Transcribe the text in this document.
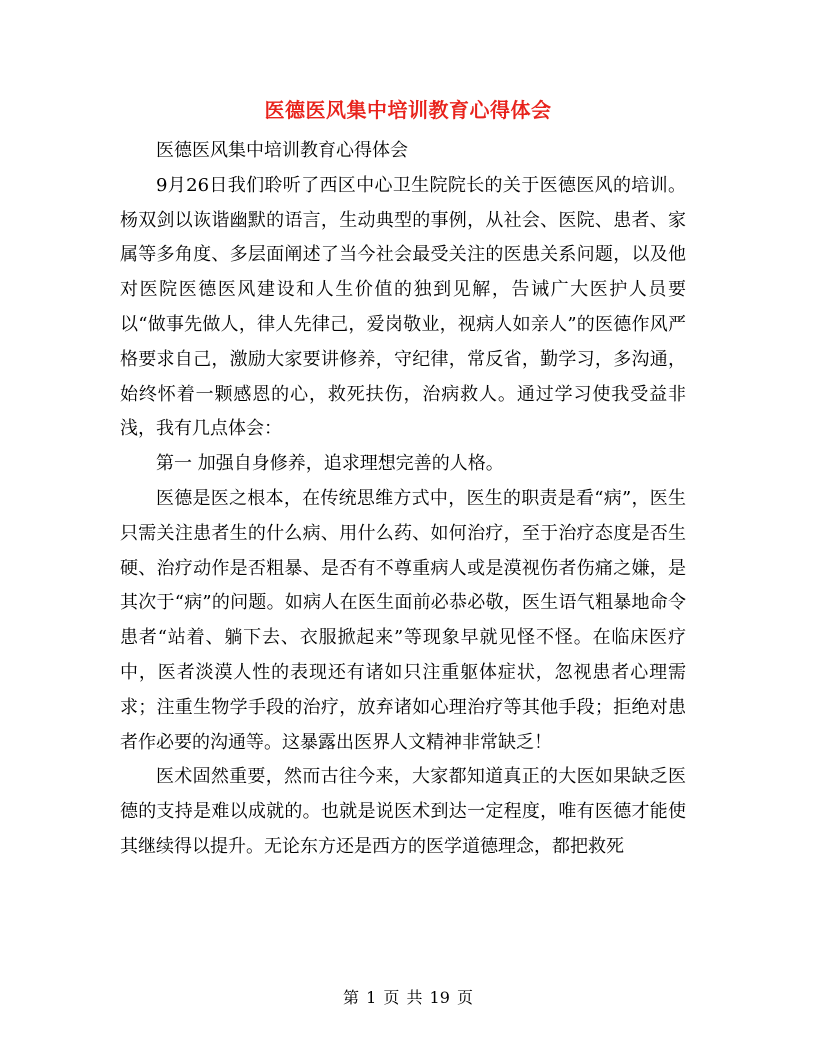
医德医风集中培训教育心得体会

医德医风集中培训教育心得体会

9月26日我们聆听了西区中心卫生院院长的关于医德医风的培训。杨双剑以诙谐幽默的语言，生动典型的事例，从社会、医院、患者、家属等多角度、多层面阐述了当今社会最受关注的医患关系问题，以及他对医院医德医风建设和人生价值的独到见解，告诫广大医护人员要以“做事先做人，律人先律己，爱岗敬业，视病人如亲人”的医德作风严格要求自己，激励大家要讲修养，守纪律，常反省，勤学习，多沟通，始终怀着一颗感恩的心，救死扶伤，治病救人。通过学习使我受益非浅，我有几点体会：

第一 加强自身修养，追求理想完善的人格。

医德是医之根本，在传统思维方式中，医生的职责是看“病”，医生只需关注患者生的什么病、用什么药、如何治疗，至于治疗态度是否生硬、治疗动作是否粗暴、是否有不尊重病人或是漠视伤者伤痛之嫌，是其次于“病”的问题。如病人在医生面前必恭必敬，医生语气粗暴地命令患者“站着、躺下去、衣服掀起来”等现象早就见怪不怪。在临床医疗中，医者淡漠人性的表现还有诸如只注重躯体症状，忽视患者心理需求；注重生物学手段的治疗，放弃诸如心理治疗等其他手段；拒绝对患者作必要的沟通等。这暴露出医界人文精神非常缺乏！

医术固然重要，然而古往今来，大家都知道真正的大医如果缺乏医德的支持是难以成就的。也就是说医术到达一定程度，唯有医德才能使其继续得以提升。无论东方还是西方的医学道德理念，都把救死

第 1 页 共 19 页
